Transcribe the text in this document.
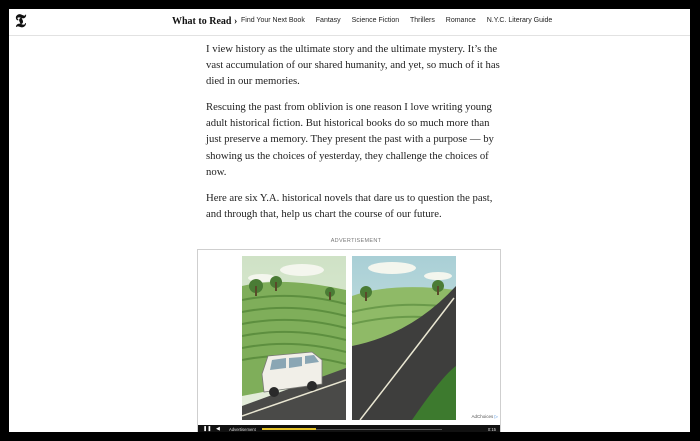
𝕿	What to Read › Find Your Next Book Fantasy Science Fiction Thrillers Romance N.Y.C. Literary Guide

I view history as the ultimate story and the ultimate mystery. It’s the vast accumulation of our shared humanity, and yet, so much of it has died in our memories.

Rescuing the past from oblivion is one reason I love writing young adult historical fiction. But historical books do so much more than just preserve a memory. They present the past with a purpose — by showing us the choices of yesterday, they challenge the choices of now.

Here are six Y.A. historical novels that dare us to question the past, and through that, help us chart the course of our future.

ADVERTISEMENT
AdChoices ▷
❚❚ ◀ Advertisement	0:15
